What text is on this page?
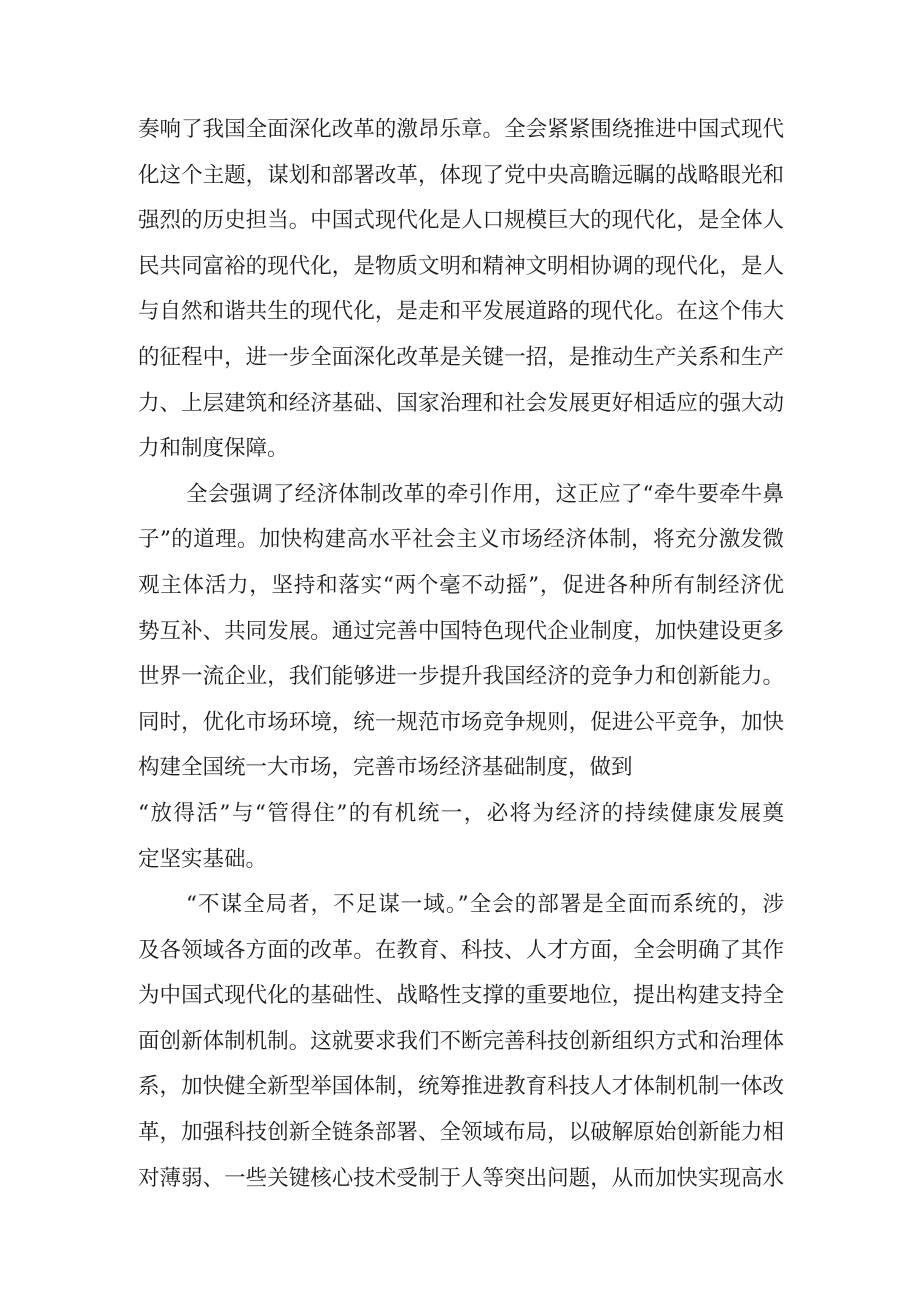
奏响了我国全面深化改革的激昂乐章。全会紧紧围绕推进中国式现代
化这个主题，谋划和部署改革，体现了党中央高瞻远瞩的战略眼光和
强烈的历史担当。中国式现代化是人口规模巨大的现代化，是全体人
民共同富裕的现代化，是物质文明和精神文明相协调的现代化，是人
与自然和谐共生的现代化，是走和平发展道路的现代化。在这个伟大
的征程中，进一步全面深化改革是关键一招，是推动生产关系和生产
力、上层建筑和经济基础、国家治理和社会发展更好相适应的强大动
力和制度保障。
全会强调了经济体制改革的牵引作用，这正应了“牵牛要牵牛鼻
子”的道理。加快构建高水平社会主义市场经济体制，将充分激发微
观主体活力，坚持和落实“两个毫不动摇”，促进各种所有制经济优
势互补、共同发展。通过完善中国特色现代企业制度，加快建设更多
世界一流企业，我们能够进一步提升我国经济的竞争力和创新能力。
同时，优化市场环境，统一规范市场竞争规则，促进公平竞争，加快
构建全国统一大市场，完善市场经济基础制度，做到
“放得活”与“管得住”的有机统一，必将为经济的持续健康发展奠
定坚实基础。
“不谋全局者，不足谋一域。”全会的部署是全面而系统的，涉
及各领域各方面的改革。在教育、科技、人才方面，全会明确了其作
为中国式现代化的基础性、战略性支撑的重要地位，提出构建支持全
面创新体制机制。这就要求我们不断完善科技创新组织方式和治理体
系，加快健全新型举国体制，统筹推进教育科技人才体制机制一体改
革，加强科技创新全链条部署、全领域布局，以破解原始创新能力相
对薄弱、一些关键核心技术受制于人等突出问题，从而加快实现高水
